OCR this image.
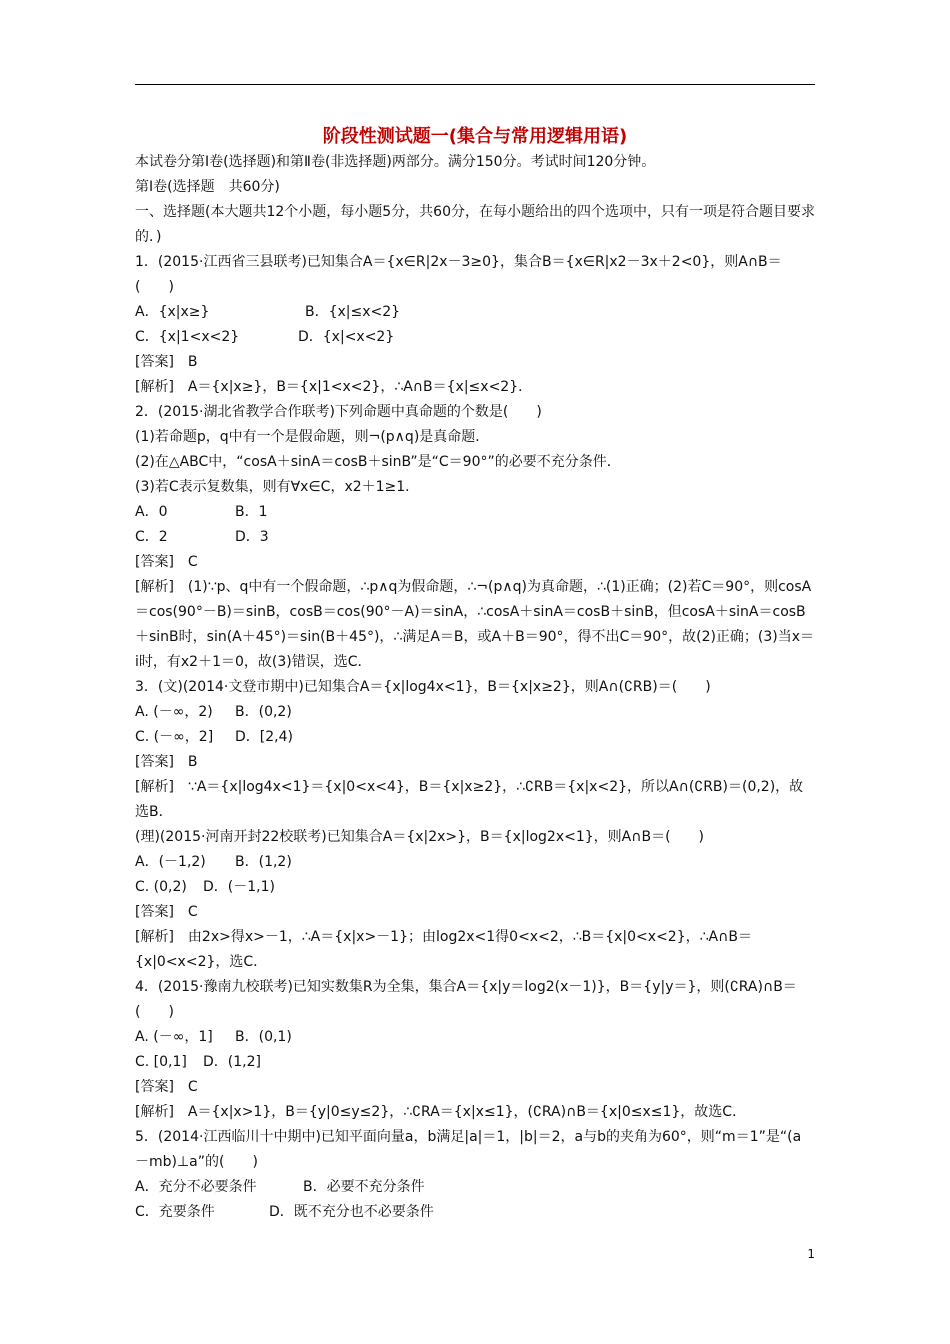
阶段性测试题一(集合与常用逻辑用语)

本试卷分第Ⅰ卷(选择题)和第Ⅱ卷(非选择题)两部分。满分150分。考试时间120分钟。

第Ⅰ卷(选择题　共60分)

一、选择题(本大题共12个小题，每小题5分，共60分，在每小题给出的四个选项中，只有一项是符合题目要求的．)

1．(2015·江西省三县联考)已知集合A＝{x∈R|2x－3≥0}，集合B＝{x∈R|x2－3x＋2<0}，则A∩B＝(　　)

A．{x|x≥}	B．{x|≤x<2}

C．{x|1<x<2}	D．{x|<x<2}

[答案]　B

[解析]　A＝{x|x≥}，B＝{x|1<x<2}，∴A∩B＝{x|≤x<2}．

2．(2015·湖北省教学合作联考)下列命题中真命题的个数是(　　)

(1)若命题p，q中有一个是假命题，则¬(p∧q)是真命题．

(2)在△ABC中，“cosA＋sinA＝cosB＋sinB”是“C＝90°”的必要不充分条件．

(3)若C表示复数集，则有∀x∈C，x2＋1≥1.

A．0	B．1

C．2	D．3

[答案]　C

[解析]　(1)∵p、q中有一个假命题，∴p∧q为假命题，∴¬(p∧q)为真命题，∴(1)正确；(2)若C＝90°，则cosA＝cos(90°－B)＝sinB，cosB＝cos(90°－A)＝sinA，∴cosA＋sinA＝cosB＋sinB，但cosA＋sinA＝cosB＋sinB时，sin(A＋45°)＝sin(B＋45°)，∴满足A＝B，或A＋B＝90°，得不出C＝90°，故(2)正确；(3)当x＝i时，有x2＋1＝0，故(3)错误，选C．

3．(文)(2014·文登市期中)已知集合A＝{x|log4x<1}，B＝{x|x≥2}，则A∩(∁RB)＝(　　)

A. (－∞，2) B．(0,2)

C. (－∞，2] D．[2,4)

[答案]　B

[解析]　∵A＝{x|log4x<1}＝{x|0<x<4}，B＝{x|x≥2}，∴∁RB＝{x|x<2}，所以A∩(∁RB)＝(0,2)，故选B．

(理)(2015·河南开封22校联考)已知集合A＝{x|2x>}，B＝{x|log2x<1}，则A∩B＝(　　)

A．(－1,2) B．(1,2)

C. (0,2) D．(－1,1)

[答案]　C

[解析]　由2x>得x>－1，∴A＝{x|x>－1}；由log2x<1得0<x<2，∴B＝{x|0<x<2}，∴A∩B＝{x|0<x<2}，选C．

4．(2015·豫南九校联考)已知实数集R为全集，集合A＝{x|y＝log2(x－1)}，B＝{y|y＝}，则(∁RA)∩B＝(　　)

A. (－∞，1] B．(0,1)

C. [0,1] D．(1,2]

[答案]　C

[解析]　A＝{x|x>1}，B＝{y|0≤y≤2}，∴∁RA＝{x|x≤1}，(∁RA)∩B＝{x|0≤x≤1}，故选C．

5．(2014·江西临川十中期中)已知平面向量a，b满足|a|＝1，|b|＝2，a与b的夹角为60°，则“m＝1”是“(a－mb)⊥a”的(　　)

A．充分不必要条件	B．必要不充分条件

C．充要条件	D．既不充分也不必要条件

1
